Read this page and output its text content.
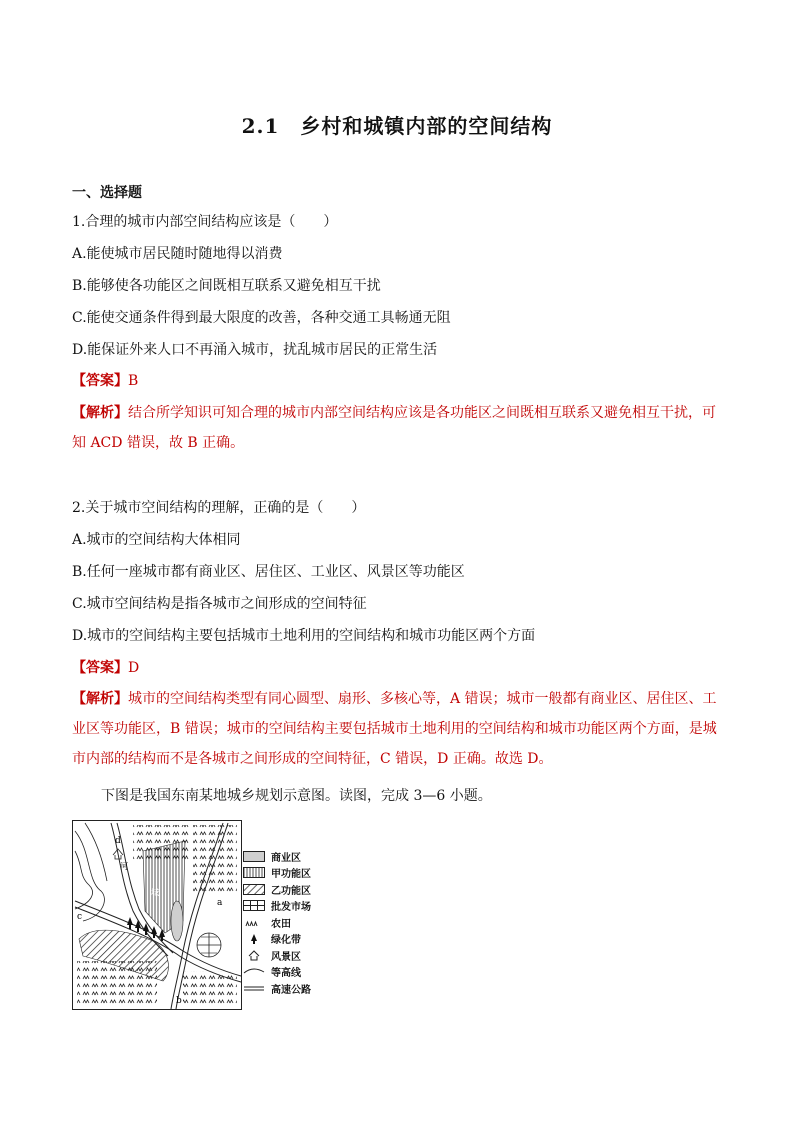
2.1　乡村和城镇内部的空间结构
一、选择题
1.合理的城市内部空间结构应该是（　　）
A.能使城市居民随时随地得以消费
B.能够使各功能区之间既相互联系又避免相互干扰
C.能使交通条件得到最大限度的改善，各种交通工具畅通无阻
D.能保证外来人口不再涌入城市，扰乱城市居民的正常生活
【答案】B
【解析】结合所学知识可知合理的城市内部空间结构应该是各功能区之间既相互联系又避免相互干扰，可知 ACD 错误，故 B 正确。
2.关于城市空间结构的理解，正确的是（　　）
A.城市的空间结构大体相同
B.任何一座城市都有商业区、居住区、工业区、风景区等功能区
C.城市空间结构是指各城市之间形成的空间特征
D.城市的空间结构主要包括城市土地利用的空间结构和城市功能区两个方面
【答案】D
【解析】城市的空间结构类型有同心圆型、扇形、多核心等，A 错误；城市一般都有商业区、居住区、工业区等功能区，B 错误；城市的空间结构主要包括城市土地利用的空间结构和城市功能区两个方面，是城市内部的结构而不是各城市之间形成的空间特征，C 错误，D 正确。故选 D。
下图是我国东南某地城乡规划示意图。读图，完成 3—6 小题。
d
河
城
c
a
b
商业区
甲功能区
乙功能区
批发市场
农田
绿化带
风景区
等高线
高速公路
